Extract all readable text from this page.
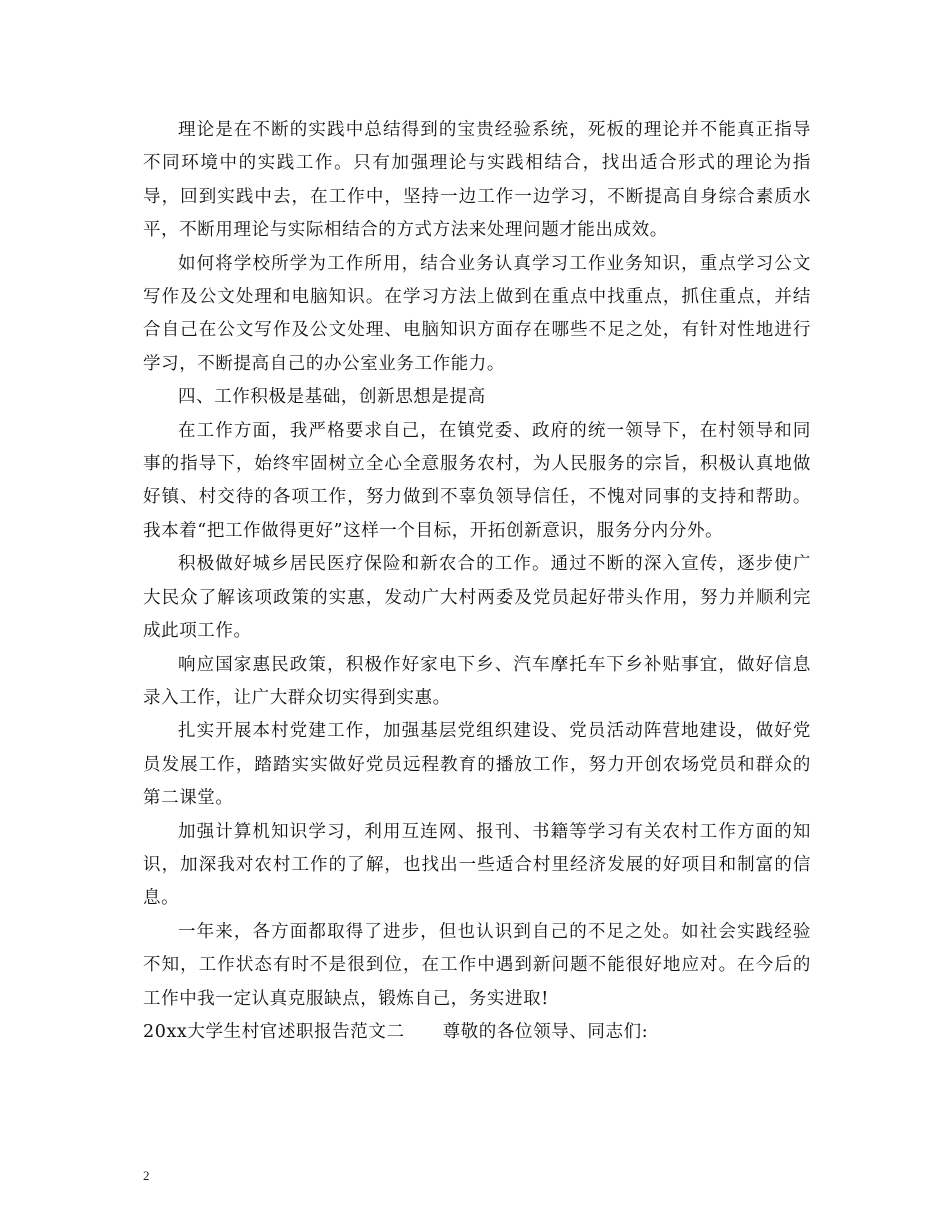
理论是在不断的实践中总结得到的宝贵经验系统，死板的理论并不能真正指导不同环境中的实践工作。只有加强理论与实践相结合，找出适合形式的理论为指导，回到实践中去，在工作中，坚持一边工作一边学习，不断提高自身综合素质水平，不断用理论与实际相结合的方式方法来处理问题才能出成效。

如何将学校所学为工作所用，结合业务认真学习工作业务知识，重点学习公文写作及公文处理和电脑知识。在学习方法上做到在重点中找重点，抓住重点，并结合自己在公文写作及公文处理、电脑知识方面存在哪些不足之处，有针对性地进行学习，不断提高自己的办公室业务工作能力。

四、工作积极是基础，创新思想是提高

在工作方面，我严格要求自己，在镇党委、政府的统一领导下，在村领导和同事的指导下，始终牢固树立全心全意服务农村，为人民服务的宗旨，积极认真地做好镇、村交待的各项工作，努力做到不辜负领导信任，不愧对同事的支持和帮助。我本着“把工作做得更好”这样一个目标，开拓创新意识，服务分内分外。

积极做好城乡居民医疗保险和新农合的工作。通过不断的深入宣传，逐步使广大民众了解该项政策的实惠，发动广大村两委及党员起好带头作用，努力并顺利完成此项工作。

响应国家惠民政策，积极作好家电下乡、汽车摩托车下乡补贴事宜，做好信息录入工作，让广大群众切实得到实惠。

扎实开展本村党建工作，加强基层党组织建设、党员活动阵营地建设，做好党员发展工作，踏踏实实做好党员远程教育的播放工作，努力开创农场党员和群众的第二课堂。

加强计算机知识学习，利用互连网、报刊、书籍等学习有关农村工作方面的知识，加深我对农村工作的了解，也找出一些适合村里经济发展的好项目和制富的信息。

一年来，各方面都取得了进步，但也认识到自己的不足之处。如社会实践经验不知，工作状态有时不是很到位，在工作中遇到新问题不能很好地应对。在今后的工作中我一定认真克服缺点，锻炼自己，务实进取!

20xx大学生村官述职报告范文二 尊敬的各位领导、同志们:

2
